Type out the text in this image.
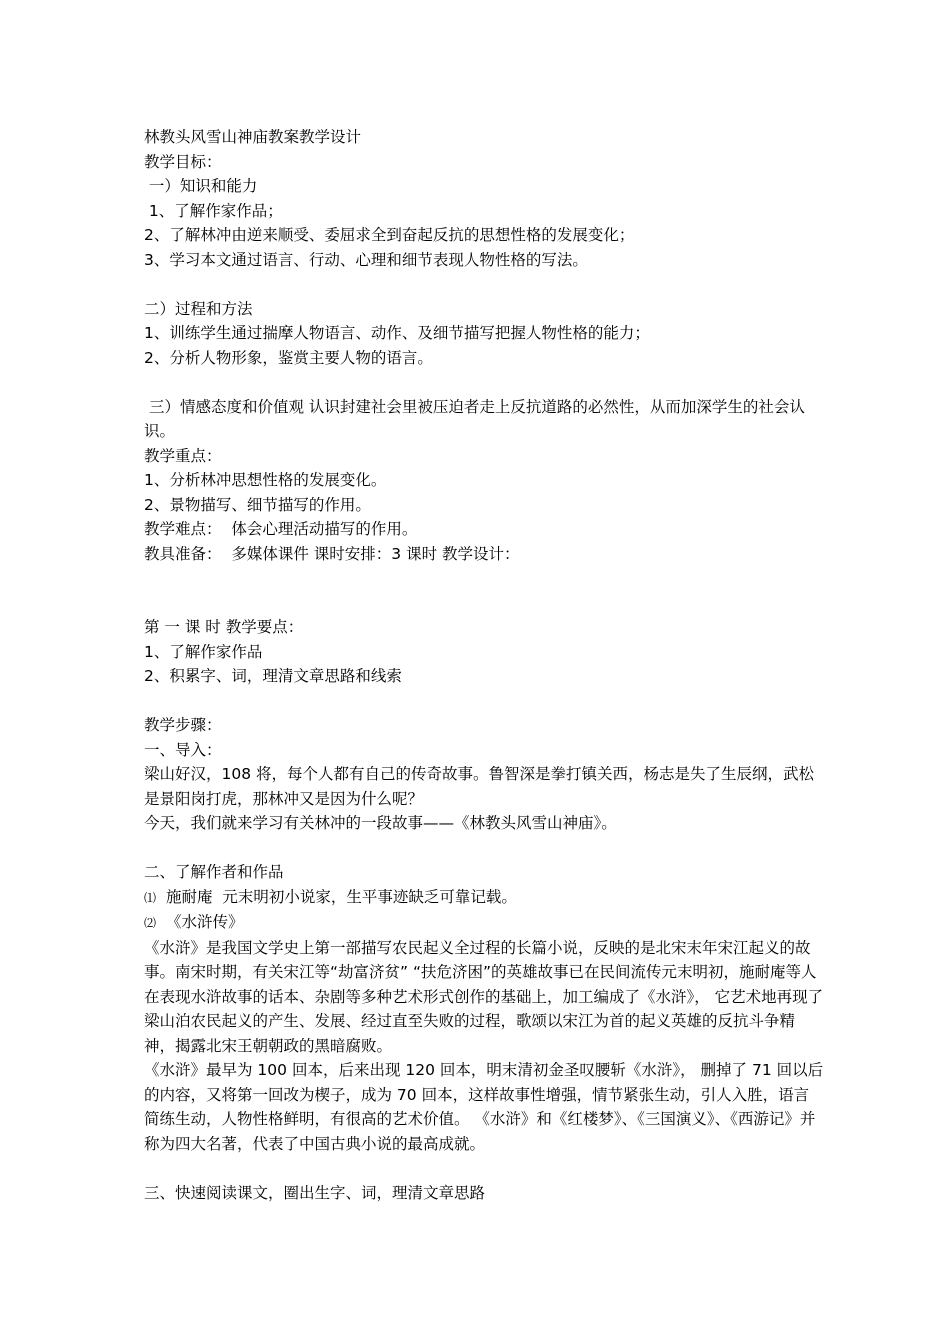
林教头风雪山神庙教案教学设计
教学目标：
一）知识和能力
1、了解作家作品；
2、了解林冲由逆来顺受、委屈求全到奋起反抗的思想性格的发展变化；
3、学习本文通过语言、行动、心理和细节表现人物性格的写法。
二）过程和方法
1、训练学生通过揣摩人物语言、动作、及细节描写把握人物性格的能力；
2、分析人物形象，鉴赏主要人物的语言。
三）情感态度和价值观 认识封建社会里被压迫者走上反抗道路的必然性，从而加深学生的社会认识。
教学重点：
1、分析林冲思想性格的发展变化。
2、景物描写、细节描写的作用。
教学难点：  体会心理活动描写的作用。
教具准备：  多媒体课件 课时安排：3 课时 教学设计：
第 一 课 时 教学要点：
1、了解作家作品
2、积累字、词，理清文章思路和线索
教学步骤：
一、导入：
梁山好汉，108 将，每个人都有自己的传奇故事。鲁智深是拳打镇关西，杨志是失了生辰纲，武松是景阳岗打虎，那林冲又是因为什么呢？
今天，我们就来学习有关林冲的一段故事——《林教头风雪山神庙》。
二、了解作者和作品
⑴ 施耐庵  元末明初小说家，生平事迹缺乏可靠记载。
⑵ 《水浒传》
《水浒》是我国文学史上第一部描写农民起义全过程的长篇小说，反映的是北宋末年宋江起义的故事。南宋时期，有关宋江等“劫富济贫” “扶危济困”的英雄故事已在民间流传元末明初，施耐庵等人在表现水浒故事的话本、杂剧等多种艺术形式创作的基础上，加工编成了《水浒》， 它艺术地再现了梁山泊农民起义的产生、发展、经过直至失败的过程，歌颂以宋江为首的起义英雄的反抗斗争精神，揭露北宋王朝朝政的黑暗腐败。
《水浒》最早为 100 回本，后来出现 120 回本，明末清初金圣叹腰斩《水浒》， 删掉了 71 回以后的内容，又将第一回改为楔子，成为 70 回本，这样故事性增强，情节紧张生动，引人入胜，语言简练生动，人物性格鲜明，有很高的艺术价值。 《水浒》和《红楼梦》、《三国演义》、《西游记》并称为四大名著，代表了中国古典小说的最高成就。
三、快速阅读课文，圈出生字、词，理清文章思路
